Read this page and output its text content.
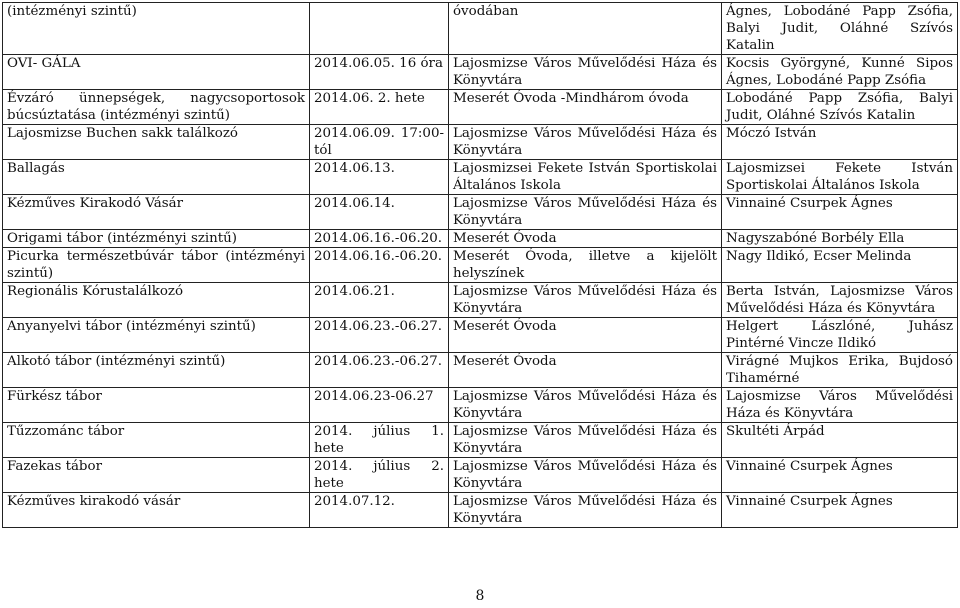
(intézményi szintű)		óvodában	Ágnes, Lobodáné Papp Zsófia, Balyi Judit, Oláhné Szívós Katalin
OVI- GÁLA	2014.06.05. 16 óra	Lajosmizse Város Művelődési Háza és Könyvtára	Kocsis Györgyné, Kunné Sipos Ágnes, Lobodáné Papp Zsófia
Évzáró ünnepségek, nagycsoportosok búcsúztatása (intézményi szintű)	2014.06. 2. hete	Meserét Óvoda -Mindhárom óvoda	Lobodáné Papp Zsófia, Balyi Judit, Oláhné Szívós Katalin
Lajosmizse Buchen sakk találkozó	2014.06.09. 17:00-tól	Lajosmizse Város Művelődési Háza és Könyvtára	Móczó István
Ballagás	2014.06.13.	Lajosmizsei Fekete István Sportiskolai Általános Iskola	Lajosmizsei Fekete István Sportiskolai Általános Iskola
Kézműves Kirakodó Vásár	2014.06.14.	Lajosmizse Város Művelődési Háza és Könyvtára	Vinnainé Csurpek Ágnes
Origami tábor (intézményi szintű)	2014.06.16.-06.20.	Meserét Óvoda	Nagyszabóné Borbély Ella
Picurka természetbúvár tábor (intézményi szintű)	2014.06.16.-06.20.	Meserét Óvoda, illetve a kijelölt helyszínek	Nagy Ildikó, Ecser Melinda
Regionális Kórustalálkozó	2014.06.21.	Lajosmizse Város Művelődési Háza és Könyvtára	Berta István, Lajosmizse Város Művelődési Háza és Könyvtára
Anyanyelvi tábor (intézményi szintű)	2014.06.23.-06.27.	Meserét Óvoda	Helgert Lászlóné, Juhász Pintérné Vincze Ildikó
Alkotó tábor (intézményi szintű)	2014.06.23.-06.27.	Meserét Óvoda	Virágné Mujkos Erika, Bujdosó Tihamérné
Fürkész tábor	2014.06.23-06.27	Lajosmizse Város Művelődési Háza és Könyvtára	Lajosmizse Város Művelődési Háza és Könyvtára
Tűzzománc tábor	2014. július 1. hete	Lajosmizse Város Művelődési Háza és Könyvtára	Skultéti Árpád
Fazekas tábor	2014. július 2. hete	Lajosmizse Város Művelődési Háza és Könyvtára	Vinnainé Csurpek Ágnes
Kézműves kirakodó vásár	2014.07.12.	Lajosmizse Város Művelődési Háza és Könyvtára	Vinnainé Csurpek Ágnes
8
